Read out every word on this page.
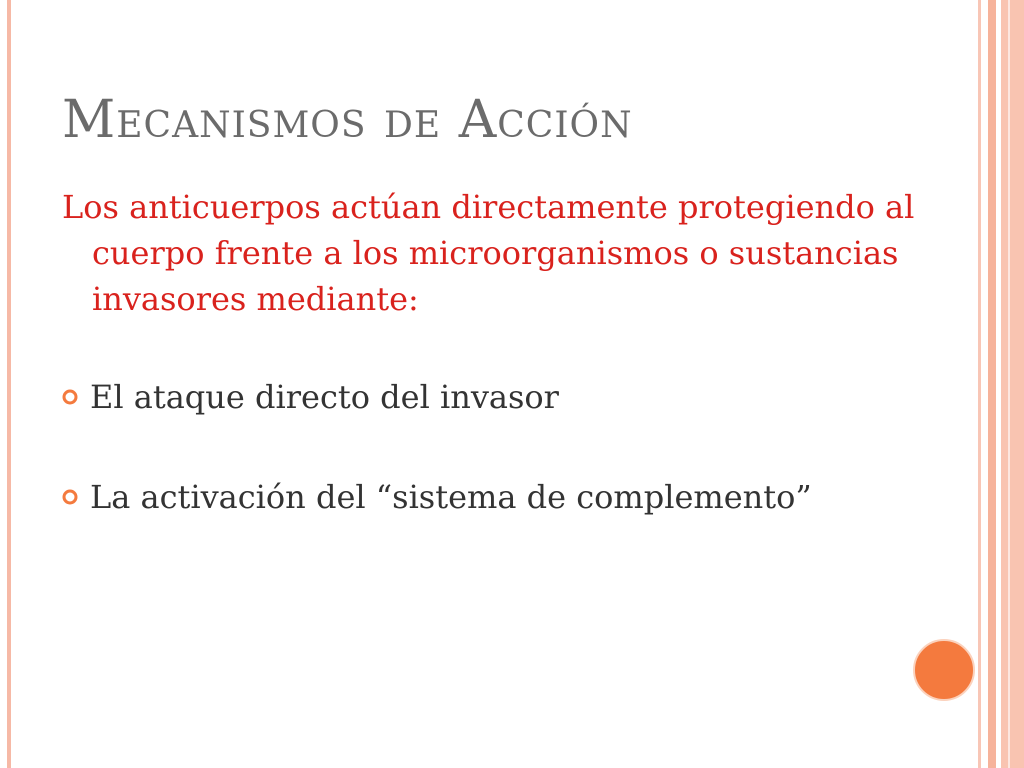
Mecanismos de Acción

Los anticuerpos actúan directamente protegiendo al cuerpo frente a los microorganismos o sustancias invasores mediante:

El ataque directo del invasor
La activación del “sistema de complemento”
